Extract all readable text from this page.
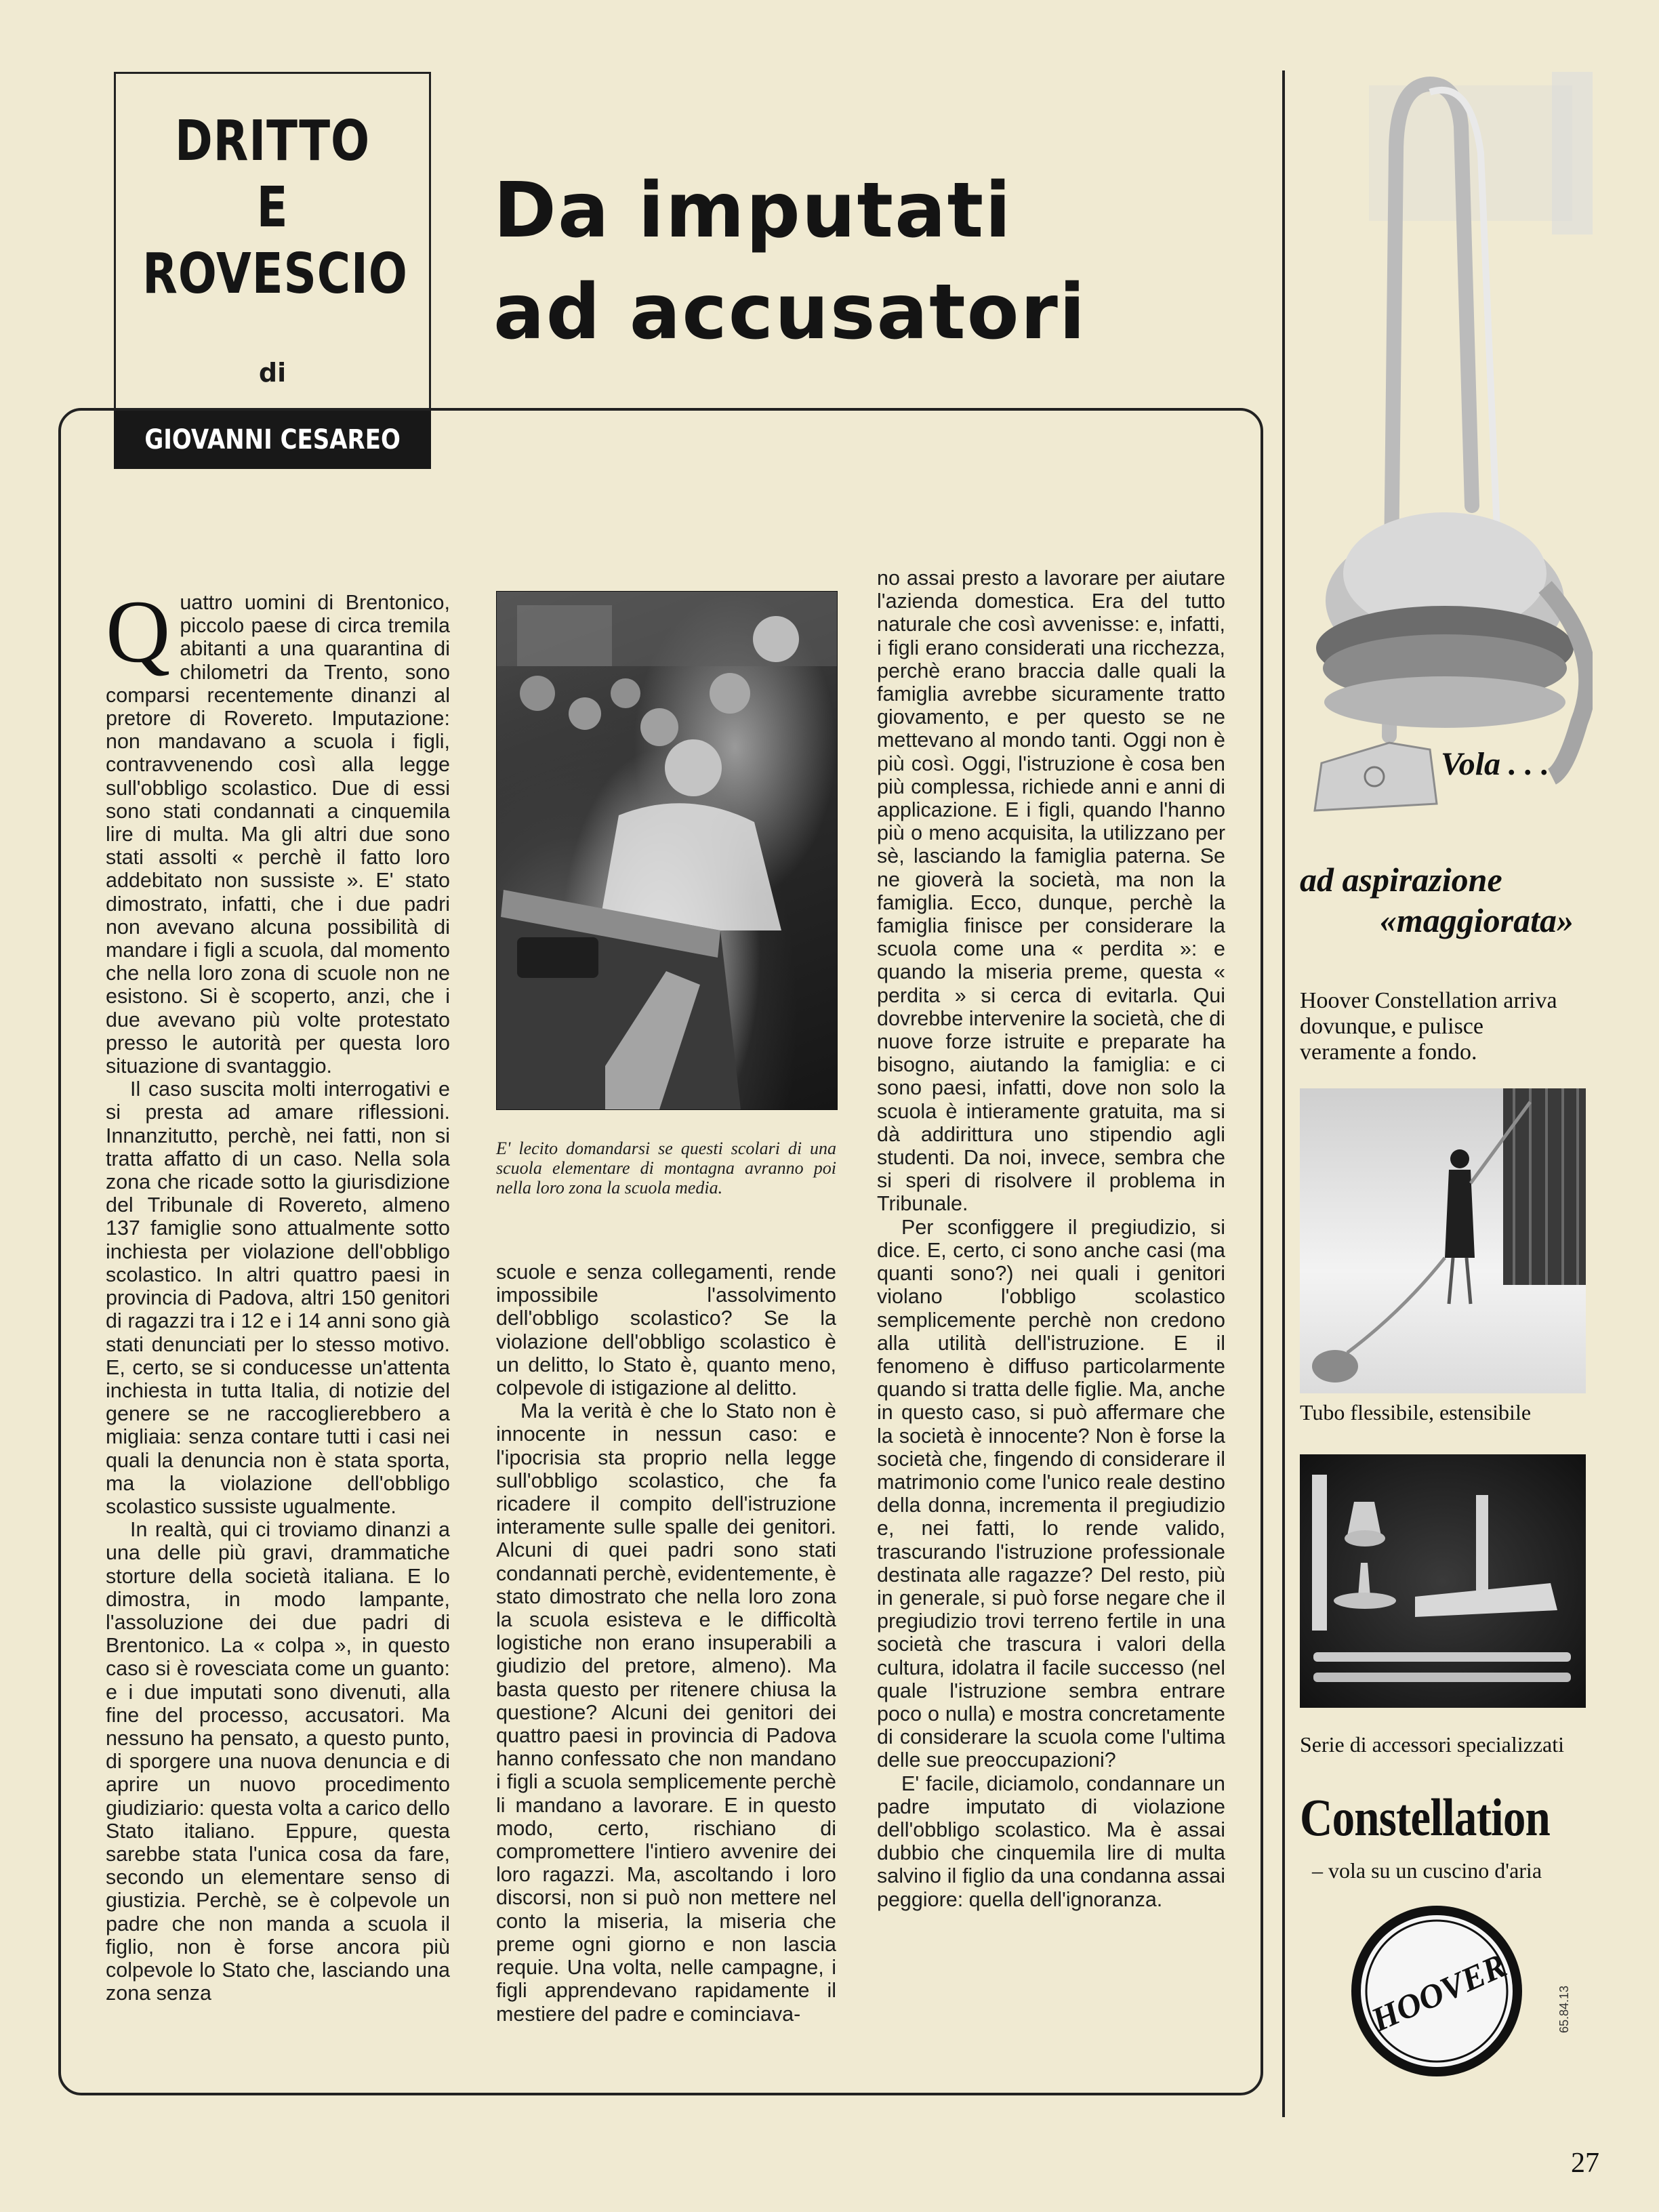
DRITTO
E
ROVESCIO
di
GIOVANNI CESAREO
Da imputati
ad accusatori

Quattro uomini di Brentonico, piccolo paese di circa tremila abitanti a una quarantina di chilometri da Trento, sono comparsi recentemente dinanzi al pretore di Rovereto. Imputazione: non mandavano a scuola i figli, contravvenendo così alla legge sull'obbligo scolastico. Due di essi sono stati condannati a cinquemila lire di multa. Ma gli altri due sono stati assolti « perchè il fatto loro addebitato non sussiste ». E' stato dimostrato, infatti, che i due padri non avevano alcuna possibilità di mandare i figli a scuola, dal momento che nella loro zona di scuole non ne esistono. Si è scoperto, anzi, che i due avevano più volte protestato presso le autorità per questa loro situazione di svantaggio.

Il caso suscita molti interrogativi e si presta ad amare riflessioni. Innanzitutto, perchè, nei fatti, non si tratta affatto di un caso. Nella sola zona che ricade sotto la giurisdizione del Tribunale di Rovereto, almeno 137 famiglie sono attualmente sotto inchiesta per violazione dell'obbligo scolastico. In altri quattro paesi in provincia di Padova, altri 150 genitori di ragazzi tra i 12 e i 14 anni sono già stati denunciati per lo stesso motivo. E, certo, se si conducesse un'attenta inchiesta in tutta Italia, di notizie del genere se ne raccoglierebbero a migliaia: senza contare tutti i casi nei quali la denuncia non è stata sporta, ma la violazione dell'obbligo scolastico sussiste ugualmente.

In realtà, qui ci troviamo dinanzi a una delle più gravi, drammatiche storture della società italiana. E lo dimostra, in modo lampante, l'assoluzione dei due padri di Brentonico. La « colpa », in questo caso si è rovesciata come un guanto: e i due imputati sono divenuti, alla fine del processo, accusatori. Ma nessuno ha pensato, a questo punto, di sporgere una nuova denuncia e di aprire un nuovo procedimento giudiziario: questa volta a carico dello Stato italiano. Eppure, questa sarebbe stata l'unica cosa da fare, secondo un elementare senso di giustizia. Perchè, se è colpevole un padre che non manda a scuola il figlio, non è forse ancora più colpevole lo Stato che, lasciando una zona senza

E' lecito domandarsi se questi scolari di una scuola elementare di montagna avranno poi nella loro zona la scuola media.

scuole e senza collegamenti, rende impossibile l'assolvimento dell'obbligo scolastico? Se la violazione dell'obbligo scolastico è un delitto, lo Stato è, quanto meno, colpevole di istigazione al delitto.

Ma la verità è che lo Stato non è innocente in nessun caso: e l'ipocrisia sta proprio nella legge sull'obbligo scolastico, che fa ricadere il compito dell'istruzione interamente sulle spalle dei genitori. Alcuni di quei padri sono stati condannati perchè, evidentemente, è stato dimostrato che nella loro zona la scuola esisteva e le difficoltà logistiche non erano insuperabili a giudizio del pretore, almeno). Ma basta questo per ritenere chiusa la questione? Alcuni dei genitori dei quattro paesi in provincia di Padova hanno confessato che non mandano i figli a scuola semplicemente perchè li mandano a lavorare. E in questo modo, certo, rischiano di compromettere l'intiero avvenire dei loro ragazzi. Ma, ascoltando i loro discorsi, non si può non mettere nel conto la miseria, la miseria che preme ogni giorno e non lascia requie. Una volta, nelle campagne, i figli apprendevano rapidamente il mestiere del padre e cominciava-

no assai presto a lavorare per aiutare l'azienda domestica. Era del tutto naturale che così avvenisse: e, infatti, i figli erano considerati una ricchezza, perchè erano braccia dalle quali la famiglia avrebbe sicuramente tratto giovamento, e per questo se ne mettevano al mondo tanti. Oggi non è più così. Oggi, l'istruzione è cosa ben più complessa, richiede anni e anni di applicazione. E i figli, quando l'hanno più o meno acquisita, la utilizzano per sè, lasciando la famiglia paterna. Se ne gioverà la società, ma non la famiglia. Ecco, dunque, perchè la famiglia finisce per considerare la scuola come una « perdita »: e quando la miseria preme, questa « perdita » si cerca di evitarla. Qui dovrebbe intervenire la società, che di nuove forze istruite e preparate ha bisogno, aiutando la famiglia: e ci sono paesi, infatti, dove non solo la scuola è intieramente gratuita, ma si dà addirittura uno stipendio agli studenti. Da noi, invece, sembra che si speri di risolvere il problema in Tribunale.

Per sconfiggere il pregiudizio, si dice. E, certo, ci sono anche casi (ma quanti sono?) nei quali i genitori violano l'obbligo scolastico semplicemente perchè non credono alla utilità dell'istruzione. E il fenomeno è diffuso particolarmente quando si tratta delle figlie. Ma, anche in questo caso, si può affermare che la società è innocente? Non è forse la società che, fingendo di considerare il matrimonio come l'unico reale destino della donna, incrementa il pregiudizio e, nei fatti, lo rende valido, trascurando l'istruzione professionale destinata alle ragazze? Del resto, più in generale, si può forse negare che il pregiudizio trovi terreno fertile in una società che trascura i valori della cultura, idolatra il facile successo (nel quale l'istruzione sembra entrare poco o nulla) e mostra concretamente di considerare la scuola come l'ultima delle sue preoccupazioni?

E' facile, diciamolo, condannare un padre imputato di violazione dell'obbligo scolastico. Ma è assai dubbio che cinquemila lire di multa salvino il figlio da una condanna assai peggiore: quella dell'ignoranza.

Vola . . .
ad aspirazione
«maggiorata»
Hoover Constellation arriva dovunque, e pulisce veramente a fondo.
Tubo flessibile, estensibile
Serie di accessori specializzati
Constellation
– vola su un cuscino d'aria
HOOVER	65.84.13
27
